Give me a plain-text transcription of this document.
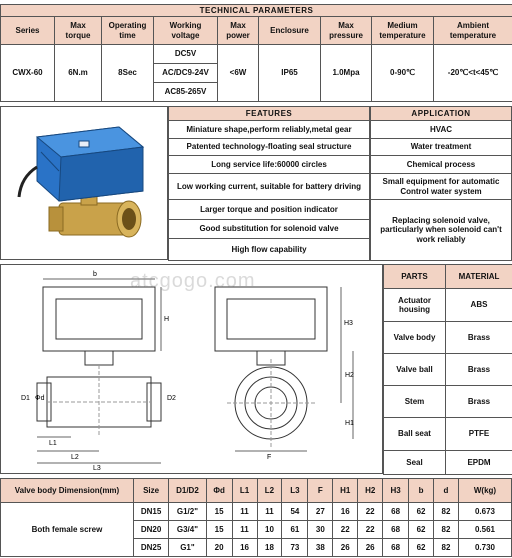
TECHNICAL PARAMETERS								
Series	Max torque	Operating time	Working voltage	Max power	Enclosure	Max pressure	Medium temperature	Ambient temperature
CWX-60	6N.m	8Sec	DC5V	<6W	IP65	1.0Mpa	0-90℃	-20℃<t<45℃
			AC/DC9-24V					
			AC85-265V					
FEATURES
Miniature shape,perform reliably,metal gear
Patented technology-floating seal structure
Long service life:60000 circles
Low working current, suitable for battery driving
Larger torque and position indicator
Good substitution for solenoid valve
High flow capability
APPLICATION
HVAC
Water treatment
Chemical process
Small equipment for automatic Control water system
Replacing solenoid valve, particularly when solenoid can't work reliably
b
H
D1 Φd	D2
L1
L2
L3
F
H3
H2
H1
atcgogo.com	PARTS	MATERIAL
Actuator housing	ABS
Valve body	Brass
Valve ball	Brass
Stem	Brass
Ball seat	PTFE
Seal	EPDM
Valve body Dimension(mm)	Size	D1/D2	Φd	L1	L2	L3	F	H1	H2	H3	b	d	W(kg)
Both female screw	DN15	G1/2"	15	11	11	54	27	16	22	68	62	82	0.673
	DN20	G3/4"	15	11	10	61	30	22	22	68	62	82	0.561
	DN25	G1"	20	16	18	73	38	26	26	68	62	82	0.730
